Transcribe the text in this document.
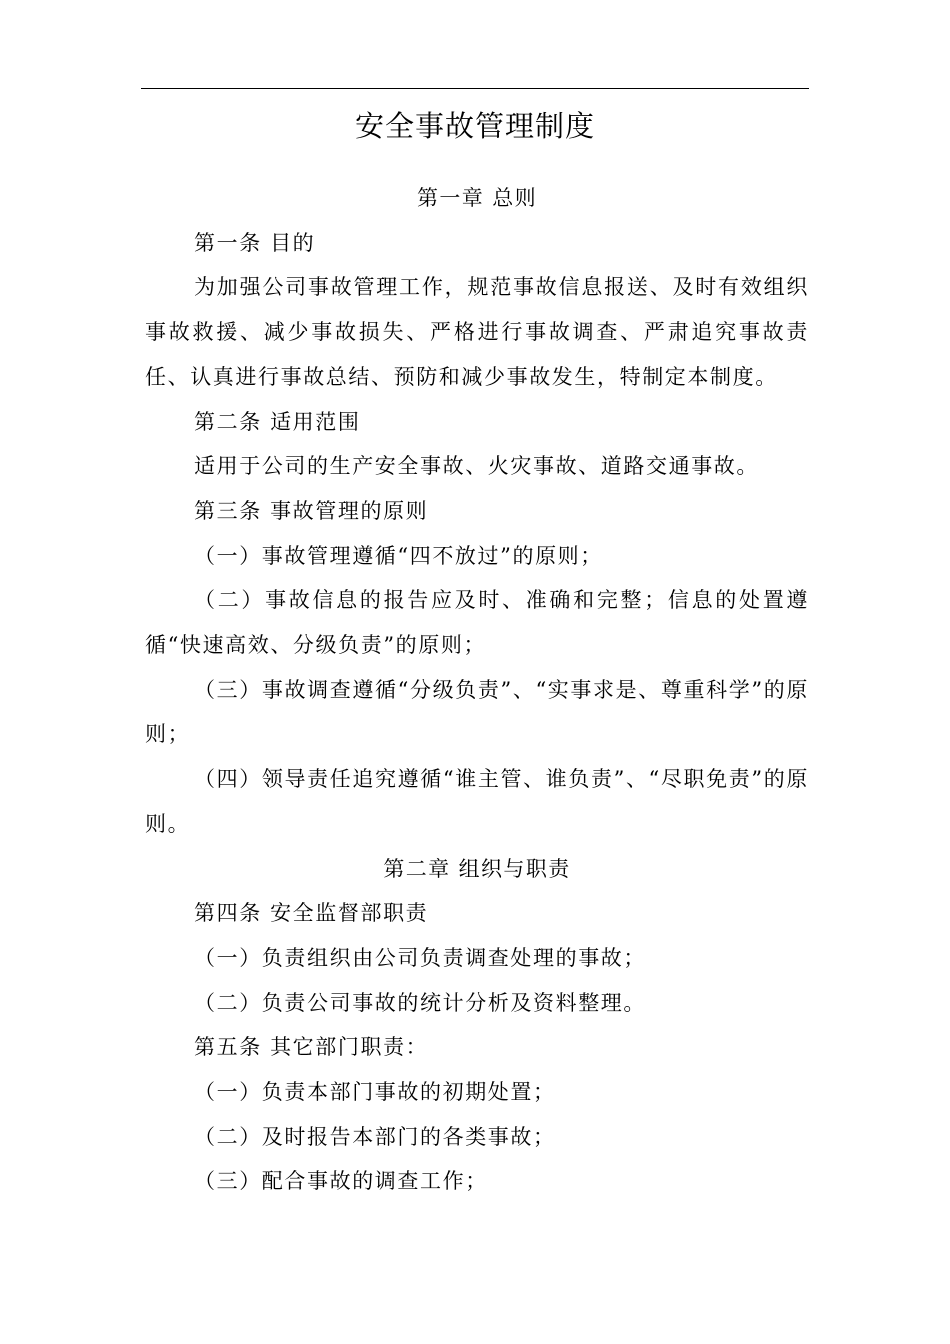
安全事故管理制度

第一章 总则

第一条 目的

为加强公司事故管理工作，规范事故信息报送、及时有效组织事故救援、减少事故损失、严格进行事故调查、严肃追究事故责任、认真进行事故总结、预防和减少事故发生，特制定本制度。

第二条 适用范围

适用于公司的生产安全事故、火灾事故、道路交通事故。

第三条 事故管理的原则

（一）事故管理遵循“四不放过”的原则；

（二）事故信息的报告应及时、准确和完整；信息的处置遵循“快速高效、分级负责”的原则；

（三）事故调查遵循“分级负责”、“实事求是、尊重科学”的原则；

（四）领导责任追究遵循“谁主管、谁负责”、“尽职免责”的原则。

第二章 组织与职责

第四条 安全监督部职责

（一）负责组织由公司负责调查处理的事故；

（二）负责公司事故的统计分析及资料整理。

第五条 其它部门职责：

（一）负责本部门事故的初期处置；

（二）及时报告本部门的各类事故；

（三）配合事故的调查工作；
